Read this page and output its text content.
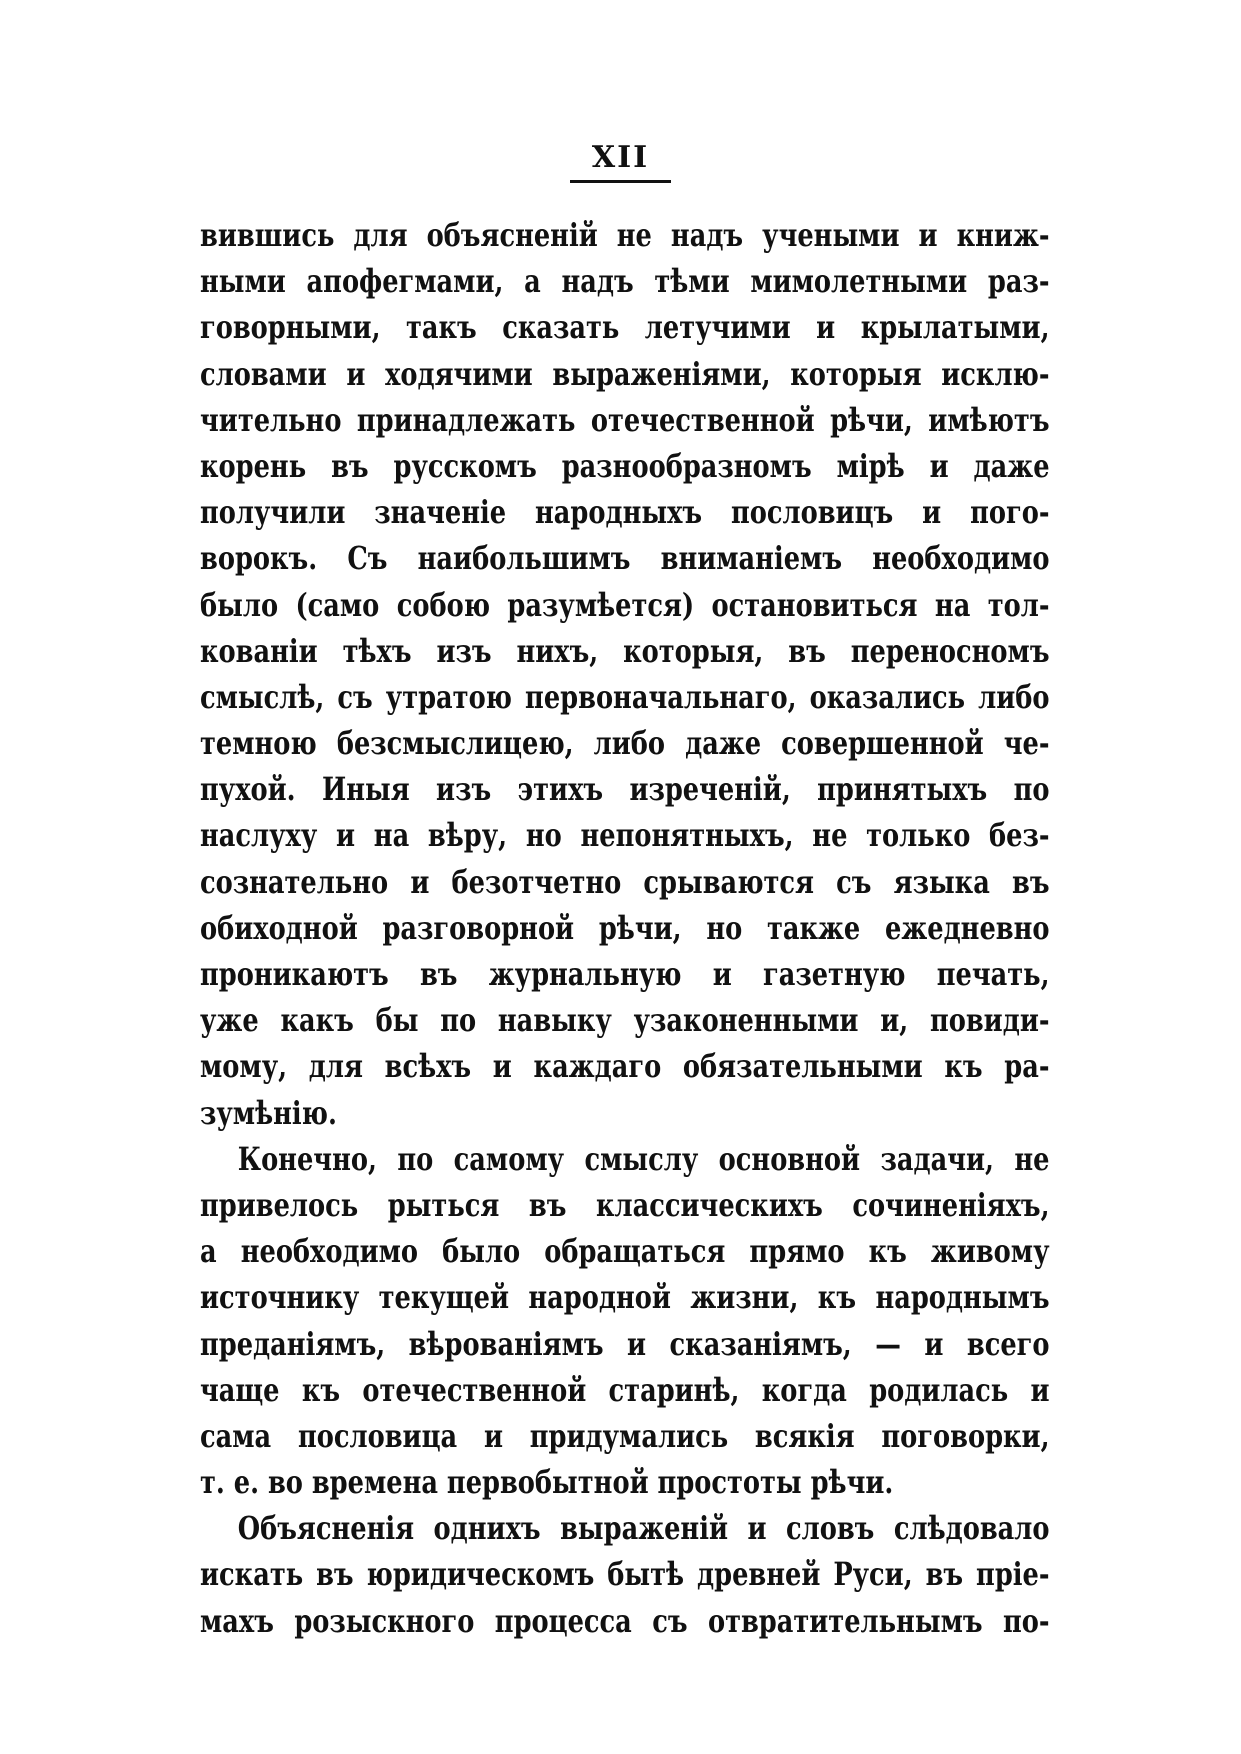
XII
вившись для объясненій не надъ учеными и книж-
ными апофегмами, а надъ тѣми мимолетными раз-
говорными, такъ сказать летучими и крылатыми,
словами и ходячими выраженіями, которыя исклю-
чительно принадлежать отечественной рѣчи, имѣютъ
корень въ русскомъ разнообразномъ мірѣ и даже
получили значеніе народныхъ пословицъ и пого-
ворокъ. Съ наибольшимъ вниманіемъ необходимо
было (само собою разумѣется) остановиться на тол-
кованіи тѣхъ изъ нихъ, которыя, въ переносномъ
смыслѣ, съ утратою первоначальнаго, оказались либо
темною безсмыслицею, либо даже совершенной че-
пухой. Иныя изъ этихъ изреченій, принятыхъ по
наслуху и на вѣру, но непонятныхъ, не только без-
сознательно и безотчетно срываются съ языка въ
обиходной разговорной рѣчи, но также ежедневно
проникаютъ въ журнальную и газетную печать,
уже какъ бы по навыку узаконенными и, повиди-
мому, для всѣхъ и каждаго обязательными къ ра-
зумѣнію.
Конечно, по самому смыслу основной задачи, не
привелось рыться въ классическихъ сочиненіяхъ,
а необходимо было обращаться прямо къ живому
источнику текущей народной жизни, къ народнымъ
преданіямъ, вѣрованіямъ и сказаніямъ, — и всего
чаще къ отечественной старинѣ, когда родилась и
сама пословица и придумались всякія поговорки,
т. е. во времена первобытной простоты рѣчи.
Объясненія однихъ выраженій и словъ слѣдовало
искать въ юридическомъ бытѣ древней Руси, въ пріе-
махъ розыскного процесса съ отвратительнымъ по-
